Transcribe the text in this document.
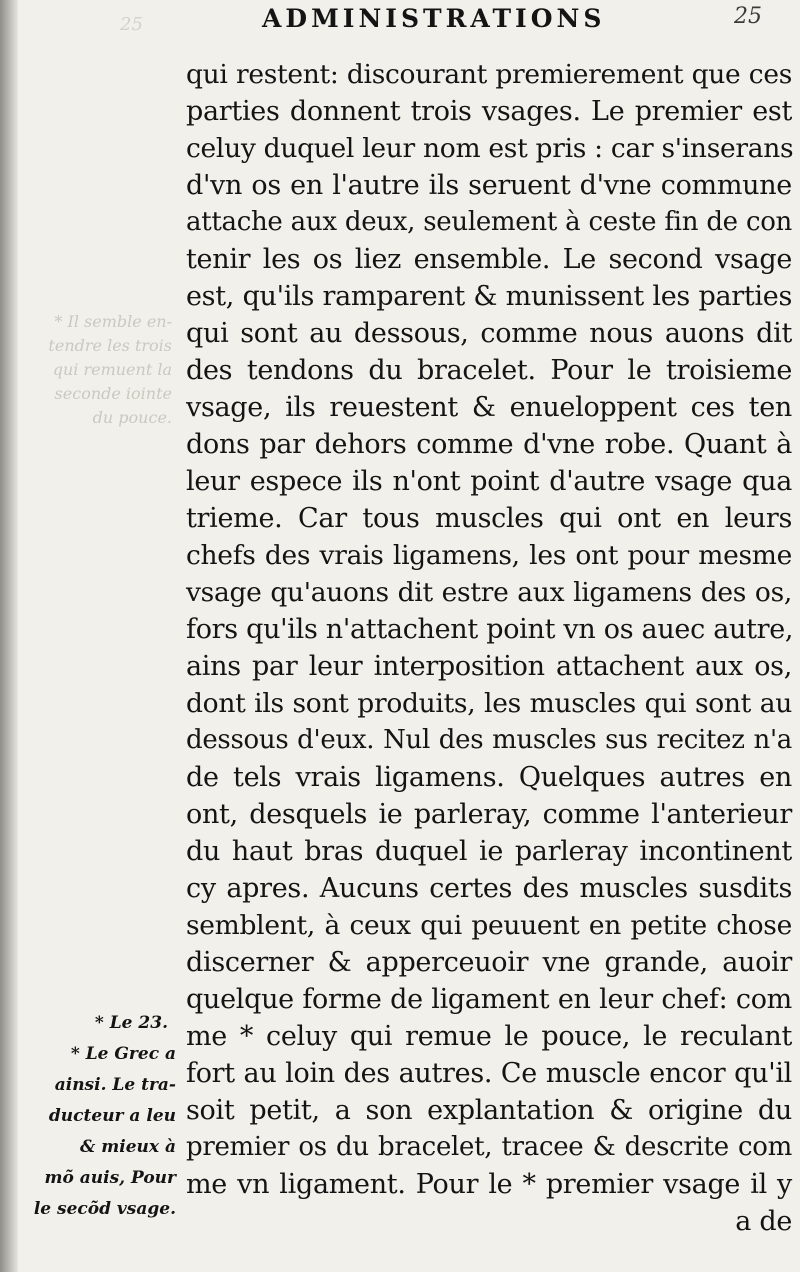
ADMINISTRATIONS	25
25
* Il semble en-
tendre les trois
qui remuent la
seconde iointe
du pouce.
qui restent: discourant premierement que ces
parties donnent trois vsages. Le premier est
celuy duquel leur nom est pris : car s'inserans
d'vn os en l'autre ils seruent d'vne commune
attache aux deux, seulement à ceste fin de con
tenir les os liez ensemble. Le second vsage
est, qu'ils ramparent & munissent les parties
qui sont au dessous, comme nous auons dit
des tendons du bracelet. Pour le troisieme
vsage, ils reuestent & enueloppent ces ten
dons par dehors comme d'vne robe. Quant à
leur espece ils n'ont point d'autre vsage qua
trieme. Car tous muscles qui ont en leurs
chefs des vrais ligamens, les ont pour mesme
vsage qu'auons dit estre aux ligamens des os,
fors qu'ils n'attachent point vn os auec autre,
ains par leur interposition attachent aux os,
dont ils sont produits, les muscles qui sont au
dessous d'eux. Nul des muscles sus recitez n'a
de tels vrais ligamens. Quelques autres en
ont, desquels ie parleray, comme l'anterieur
du haut bras duquel ie parleray incontinent
cy apres. Aucuns certes des muscles susdits
semblent, à ceux qui peuuent en petite chose
discerner & apperceuoir vne grande, auoir
quelque forme de ligament en leur chef: com
me * celuy qui remue le pouce, le reculant
fort au loin des autres. Ce muscle encor qu'il
soit petit, a son explantation & origine du
premier os du bracelet, tracee & descrite com
me vn ligament. Pour le * premier vsage il y
a de
* Le 23.
* Le Grec a
ainsi. Le tra-
ducteur a leu
& mieux à
mõ auis, Pour
le secõd vsage.
